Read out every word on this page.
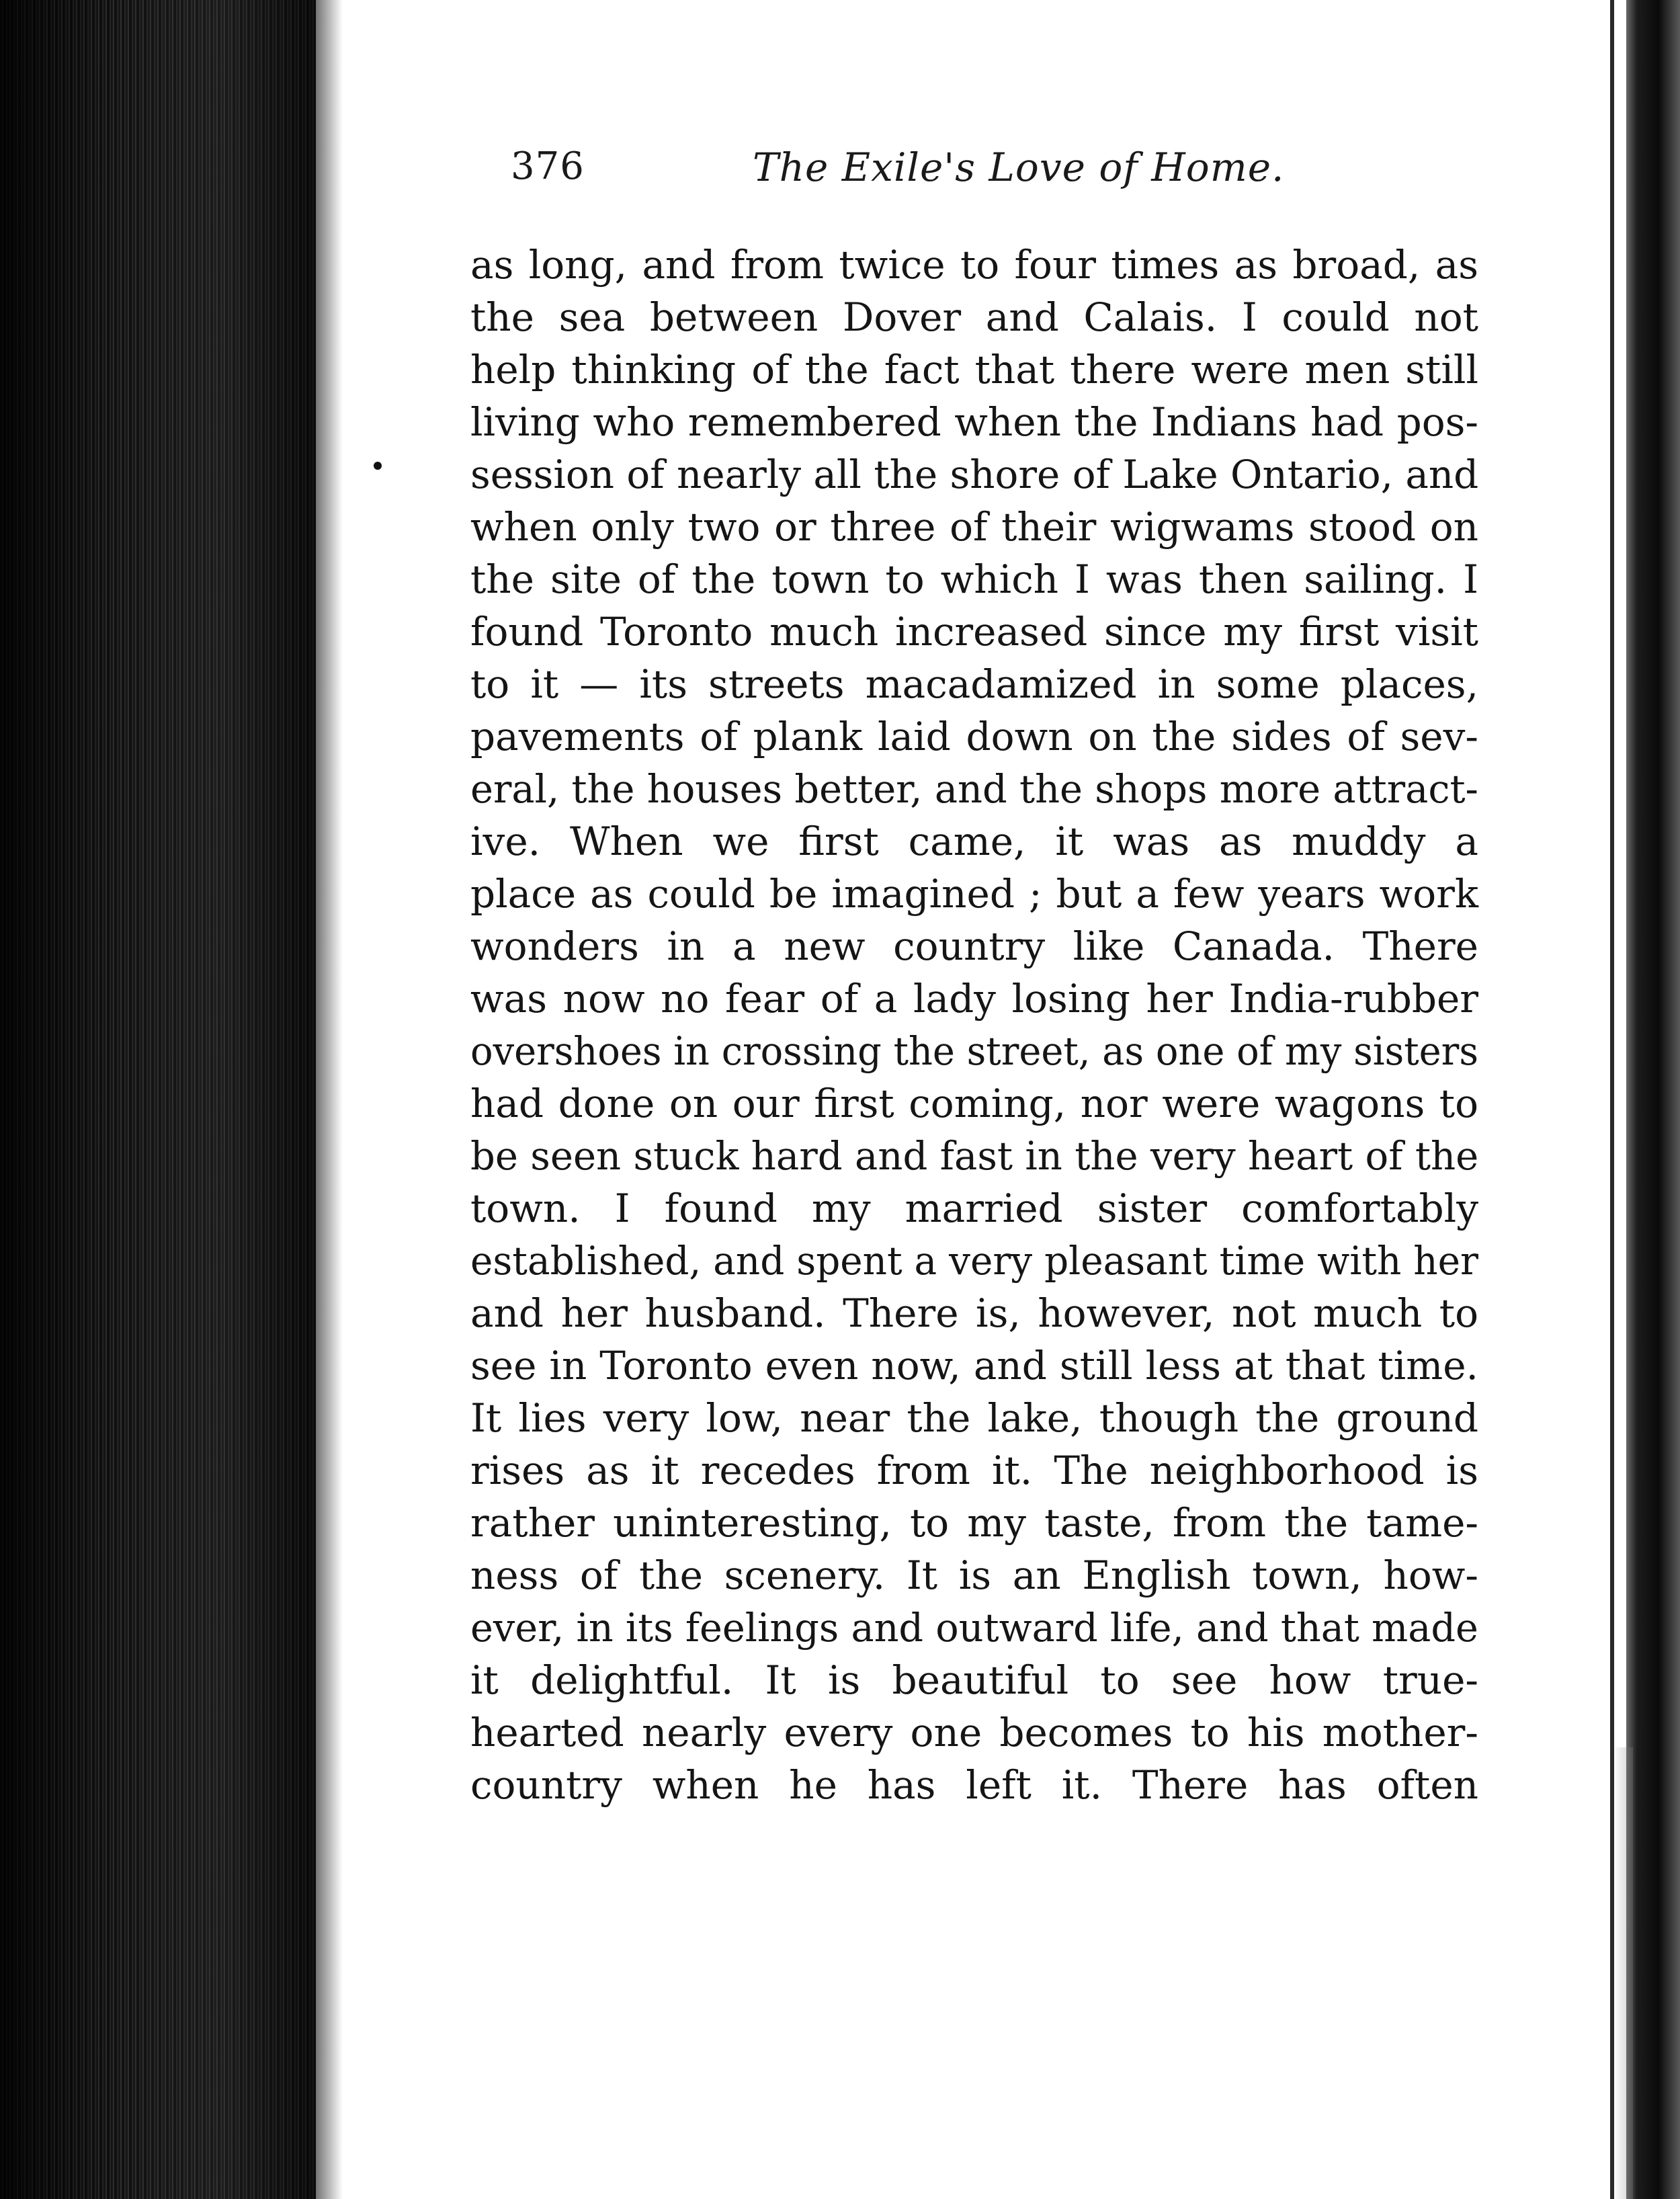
376	The Exile's Love of Home.
as long, and from twice to four times as broad, as
the sea between Dover and Calais. I could not
help thinking of the fact that there were men still
living who remembered when the Indians had pos-
session of nearly all the shore of Lake Ontario, and
when only two or three of their wigwams stood on
the site of the town to which I was then sailing. I
found Toronto much increased since my first visit
to it — its streets macadamized in some places,
pavements of plank laid down on the sides of sev-
eral, the houses better, and the shops more attract-
ive. When we first came, it was as muddy a
place as could be imagined ; but a few years work
wonders in a new country like Canada. There
was now no fear of a lady losing her India-rubber
overshoes in crossing the street, as one of my sisters
had done on our first coming, nor were wagons to
be seen stuck hard and fast in the very heart of the
town. I found my married sister comfortably
established, and spent a very pleasant time with her
and her husband. There is, however, not much to
see in Toronto even now, and still less at that time.
It lies very low, near the lake, though the ground
rises as it recedes from it. The neighborhood is
rather uninteresting, to my taste, from the tame-
ness of the scenery. It is an English town, how-
ever, in its feelings and outward life, and that made
it delightful. It is beautiful to see how true-
hearted nearly every one becomes to his mother-
country when he has left it. There has often
